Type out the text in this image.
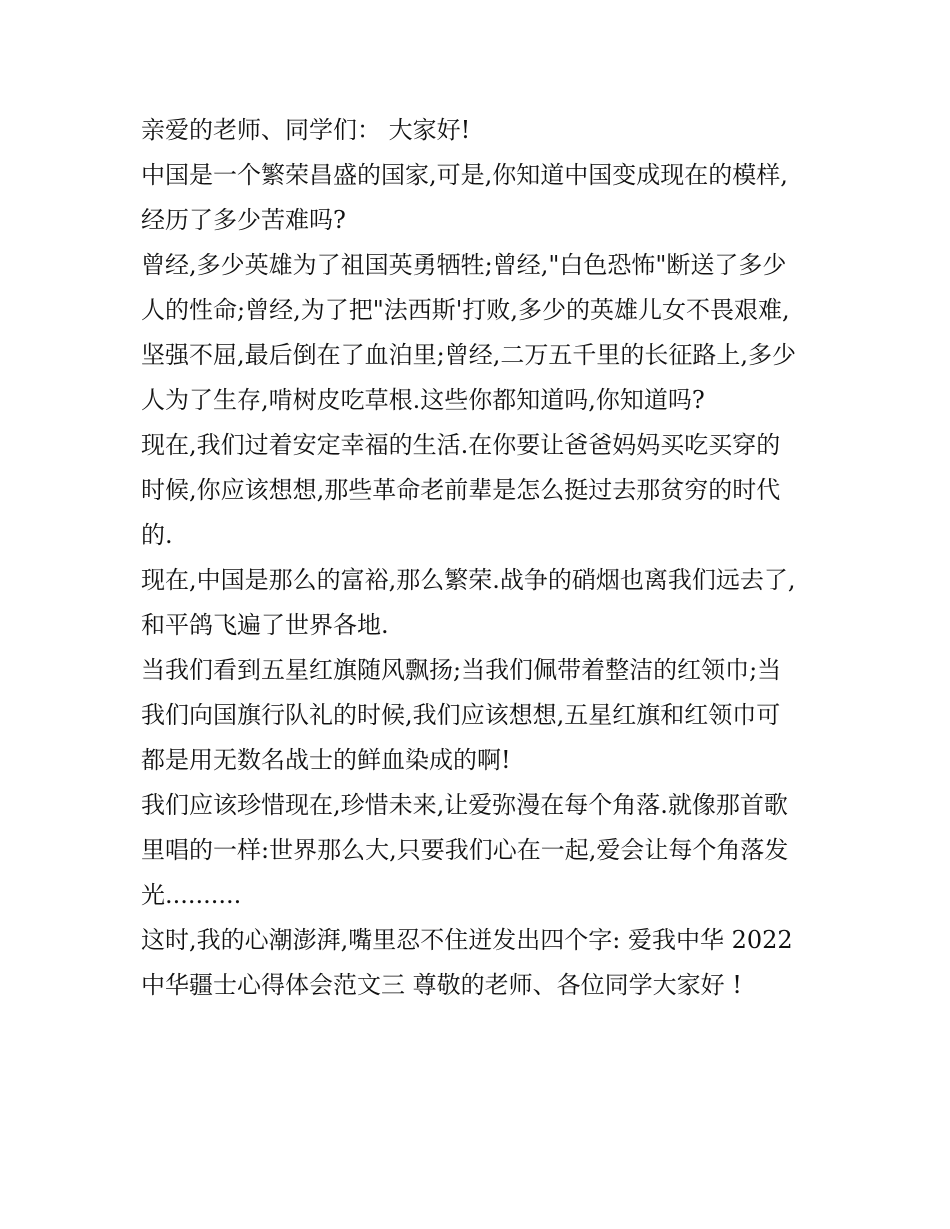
亲爱的老师、同学们： 大家好!

中国是一个繁荣昌盛的国家,可是,你知道中国变成现在的模样,

经历了多少苦难吗?

曾经,多少英雄为了祖国英勇牺牲;曾经,"白色恐怖"断送了多少

人的性命;曾经,为了把"法西斯'打败,多少的英雄儿女不畏艰难,

坚强不屈,最后倒在了血泊里;曾经,二万五千里的长征路上,多少

人为了生存,啃树皮吃草根.这些你都知道吗,你知道吗?

现在,我们过着安定幸福的生活.在你要让爸爸妈妈买吃买穿的

时候,你应该想想,那些革命老前辈是怎么挺过去那贫穷的时代

的.

现在,中国是那么的富裕,那么繁荣.战争的硝烟也离我们远去了,

和平鸽飞遍了世界各地.

当我们看到五星红旗随风飘扬;当我们佩带着整洁的红领巾;当

我们向国旗行队礼的时候,我们应该想想,五星红旗和红领巾可

都是用无数名战士的鲜血染成的啊!

我们应该珍惜现在,珍惜未来,让爱弥漫在每个角落.就像那首歌

里唱的一样:世界那么大,只要我们心在一起,爱会让每个角落发

光..........

这时,我的心潮澎湃,嘴里忍不住迸发出四个字: 爱我中华 2022

中华疆士心得体会范文三 尊敬的老师、各位同学大家好 !
